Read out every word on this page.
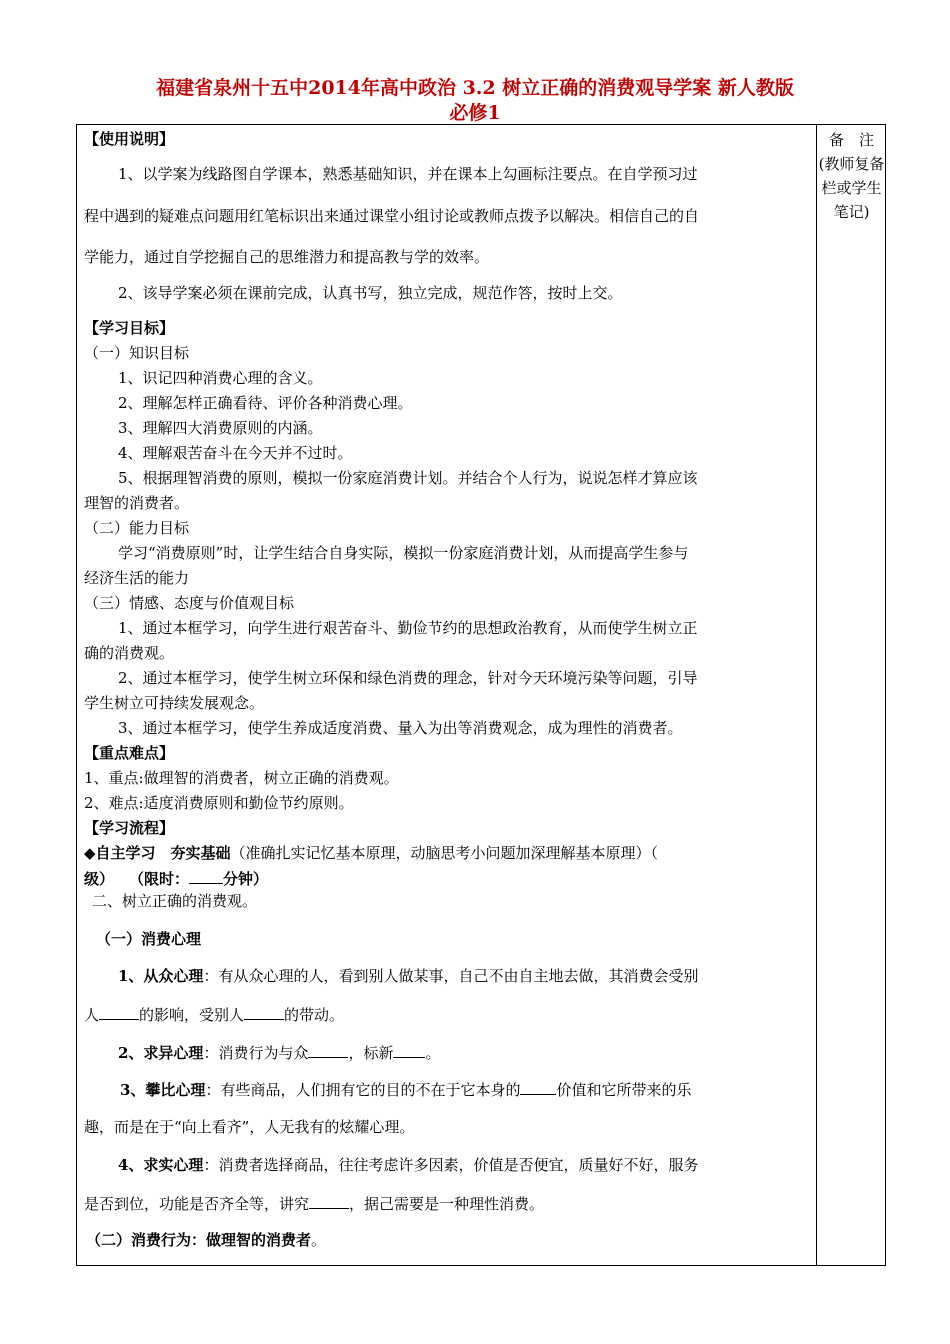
福建省泉州十五中2014年高中政治 3.2 树立正确的消费观导学案 新人教版
必修1
备　注
(教师复备
栏或学生
笔记)
【使用说明】
1、以学案为线路图自学课本，熟悉基础知识，并在课本上勾画标注要点。在自学预习过
程中遇到的疑难点问题用红笔标识出来通过课堂小组讨论或教师点拨予以解决。相信自己的自
学能力，通过自学挖掘自己的思维潜力和提高教与学的效率。
2、该导学案必须在课前完成，认真书写，独立完成，规范作答，按时上交。
【学习目标】
（一）知识目标
1、识记四种消费心理的含义。
2、理解怎样正确看待、评价各种消费心理。
3、理解四大消费原则的内涵。
4、理解艰苦奋斗在今天并不过时。
5、根据理智消费的原则，模拟一份家庭消费计划。并结合个人行为，说说怎样才算应该
理智的消费者。
（二）能力目标
学习“消费原则”时，让学生结合自身实际，模拟一份家庭消费计划，从而提高学生参与
经济生活的能力
（三）情感、态度与价值观目标
1、通过本框学习，向学生进行艰苦奋斗、勤俭节约的思想政治教育，从而使学生树立正
确的消费观。
2、通过本框学习，使学生树立环保和绿色消费的理念，针对今天环境污染等问题，引导
学生树立可持续发展观念。
3、通过本框学习，使学生养成适度消费、量入为出等消费观念，成为理性的消费者。
【重点难点】
1、重点:做理智的消费者，树立正确的消费观。
2、难点:适度消费原则和勤俭节约原则。
【学习流程】
◆自主学习　夯实基础（准确扎实记忆基本原理，动脑思考小问题加深理解基本原理）（
级）　　 （限时： 分钟）
二、树立正确的消费观。
（一）消费心理
1、从众心理：有从众心理的人，看到别人做某事，自己不由自主地去做，其消费会受别
人	的影响，受别人	的带动。
2、求异心理：消费行为与众	，标新 。
3、攀比心理：有些商品，人们拥有它的目的不在于它本身的 价值和它所带来的乐
趣，而是在于“向上看齐”，人无我有的炫耀心理。
4、求实心理：消费者选择商品，往往考虑许多因素，价值是否便宜，质量好不好，服务
是否到位，功能是否齐全等，讲究	，据己需要是一种理性消费。
（二）消费行为：做理智的消费者。
